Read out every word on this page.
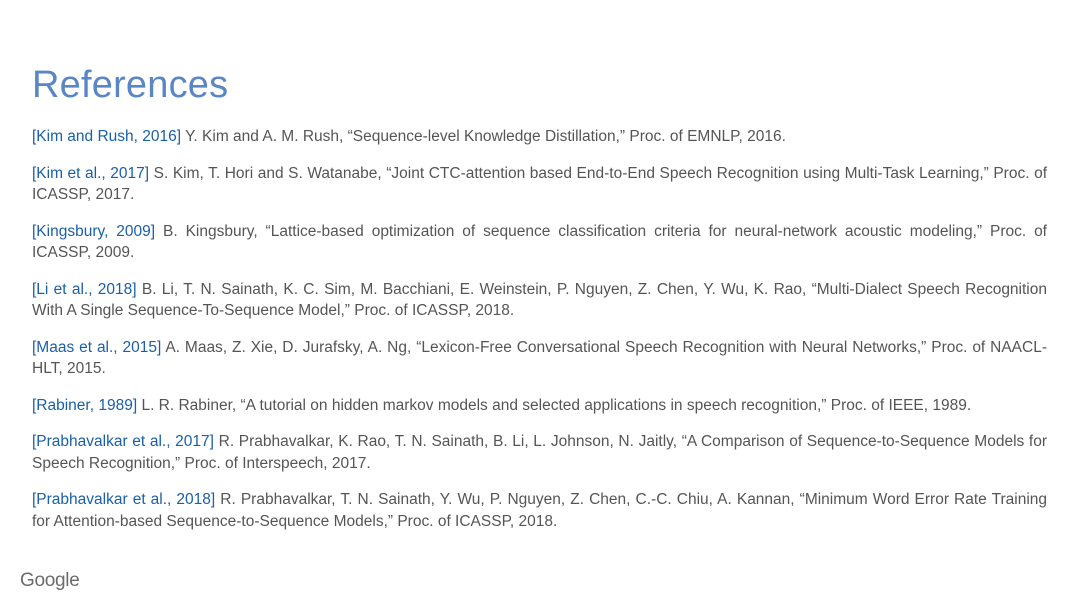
References
[Kim and Rush, 2016] Y. Kim and A. M. Rush, “Sequence-level Knowledge Distillation,” Proc. of EMNLP, 2016.
[Kim et al., 2017] S. Kim, T. Hori and S. Watanabe, “Joint CTC-attention based End-to-End Speech Recognition using Multi-Task Learning,” Proc. of ICASSP, 2017.
[Kingsbury, 2009] B. Kingsbury, “Lattice-based optimization of sequence classification criteria for neural-network acoustic modeling,” Proc. of ICASSP, 2009.
[Li et al., 2018] B. Li, T. N. Sainath, K. C. Sim, M. Bacchiani, E. Weinstein, P. Nguyen, Z. Chen, Y. Wu, K. Rao, “Multi-Dialect Speech Recognition With A Single Sequence-To-Sequence Model,” Proc. of ICASSP, 2018.
[Maas et al., 2015] A. Maas, Z. Xie, D. Jurafsky, A. Ng, “Lexicon-Free Conversational Speech Recognition with Neural Networks,” Proc. of NAACL-HLT, 2015.
[Rabiner, 1989] L. R. Rabiner, “A tutorial on hidden markov models and selected applications in speech recognition,” Proc. of IEEE, 1989.
[Prabhavalkar et al., 2017] R. Prabhavalkar, K. Rao, T. N. Sainath, B. Li, L. Johnson, N. Jaitly, “A Comparison of Sequence-to-Sequence Models for Speech Recognition,” Proc. of Interspeech, 2017.
[Prabhavalkar et al., 2018] R. Prabhavalkar, T. N. Sainath, Y. Wu, P. Nguyen, Z. Chen, C.-C. Chiu, A. Kannan, “Minimum Word Error Rate Training for Attention-based Sequence-to-Sequence Models,” Proc. of ICASSP, 2018.
Google
